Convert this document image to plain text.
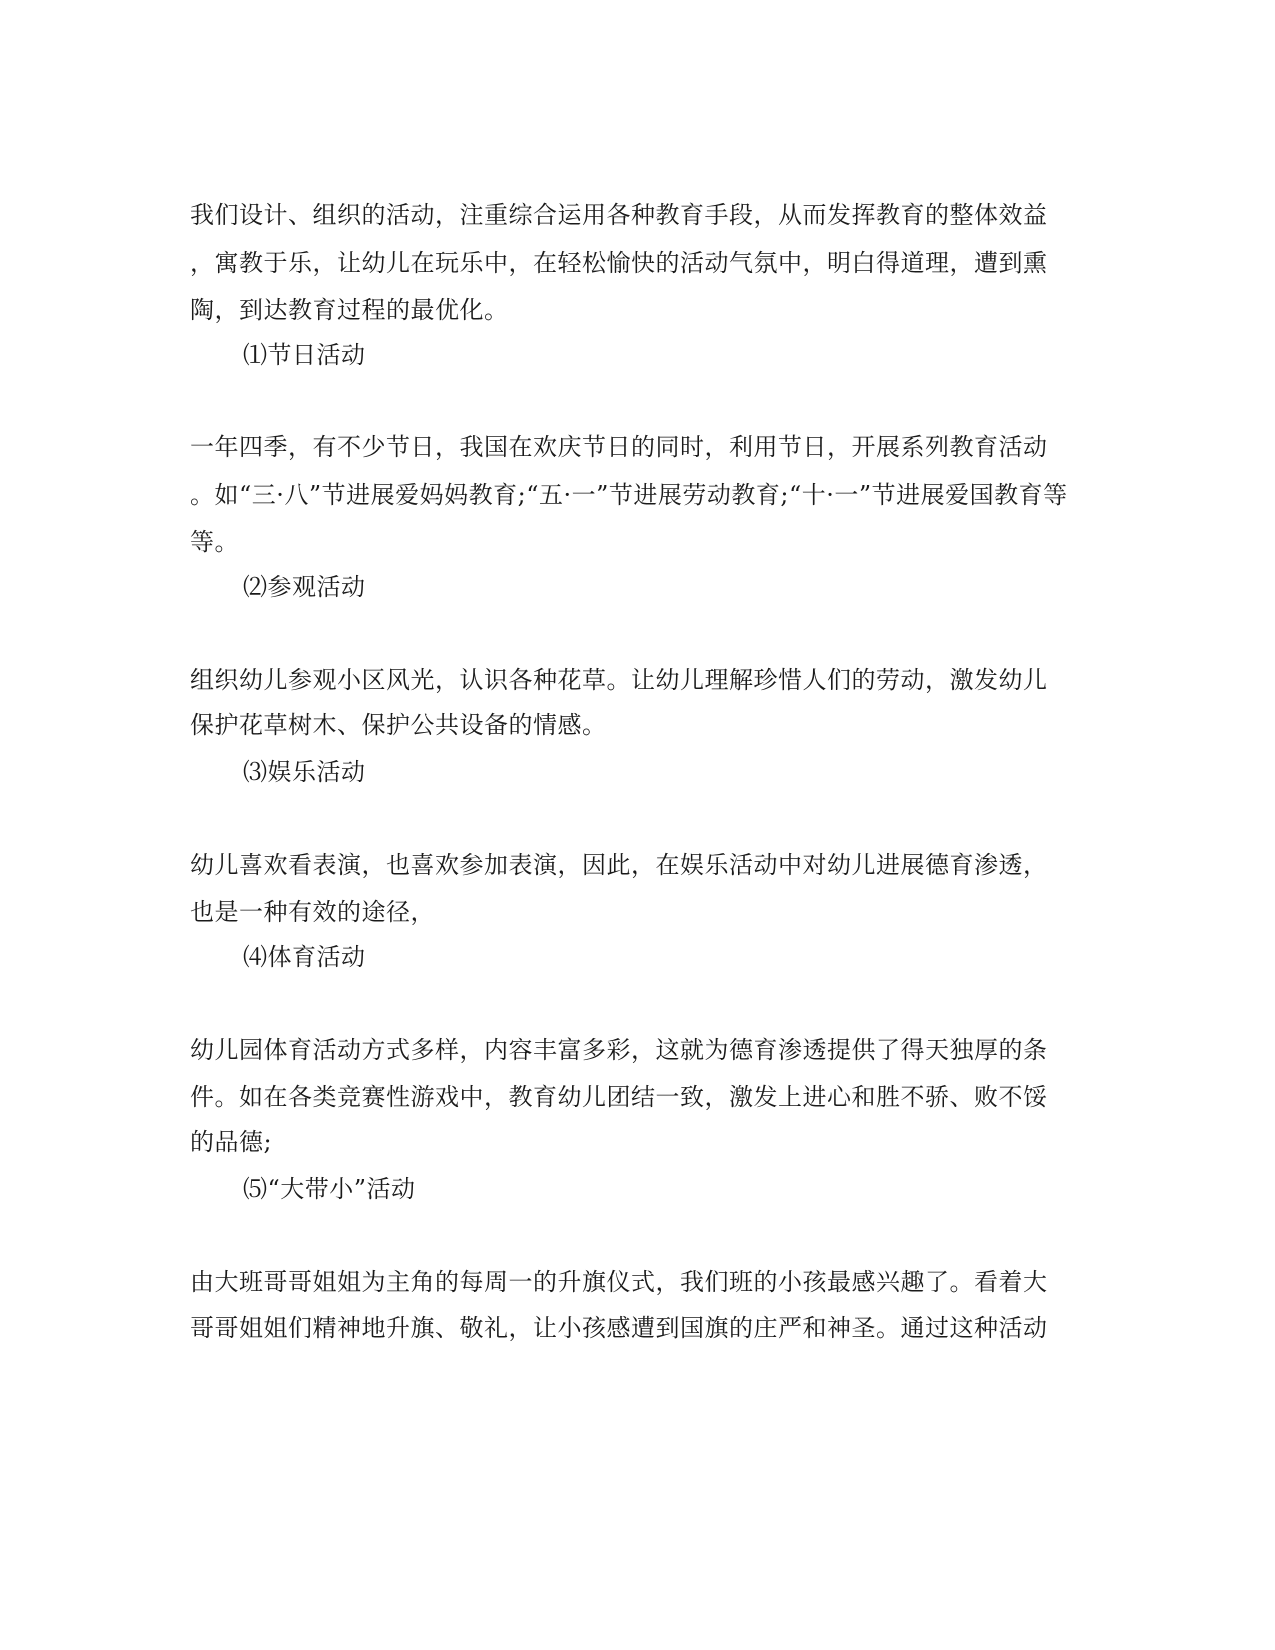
我们设计、组织的活动，注重综合运用各种教育手段，从而发挥教育的整体效益
，寓教于乐，让幼儿在玩乐中，在轻松愉快的活动气氛中，明白得道理，遭到熏
陶，到达教育过程的最优化。
⑴节日活动
一年四季，有不少节日，我国在欢庆节日的同时，利用节日，开展系列教育活动
。如“三·八”节进展爱妈妈教育;“五·一”节进展劳动教育;“十·一”节进展爱国教育等
等。
⑵参观活动
组织幼儿参观小区风光，认识各种花草。让幼儿理解珍惜人们的劳动，激发幼儿
保护花草树木、保护公共设备的情感。
⑶娱乐活动
幼儿喜欢看表演，也喜欢参加表演，因此，在娱乐活动中对幼儿进展德育渗透，
也是一种有效的途径，
⑷体育活动
幼儿园体育活动方式多样，内容丰富多彩，这就为德育渗透提供了得天独厚的条
件。如在各类竞赛性游戏中，教育幼儿团结一致，激发上进心和胜不骄、败不馁
的品德;
⑸“大带小”活动
由大班哥哥姐姐为主角的每周一的升旗仪式，我们班的小孩最感兴趣了。看着大
哥哥姐姐们精神地升旗、敬礼，让小孩感遭到国旗的庄严和神圣。通过这种活动
